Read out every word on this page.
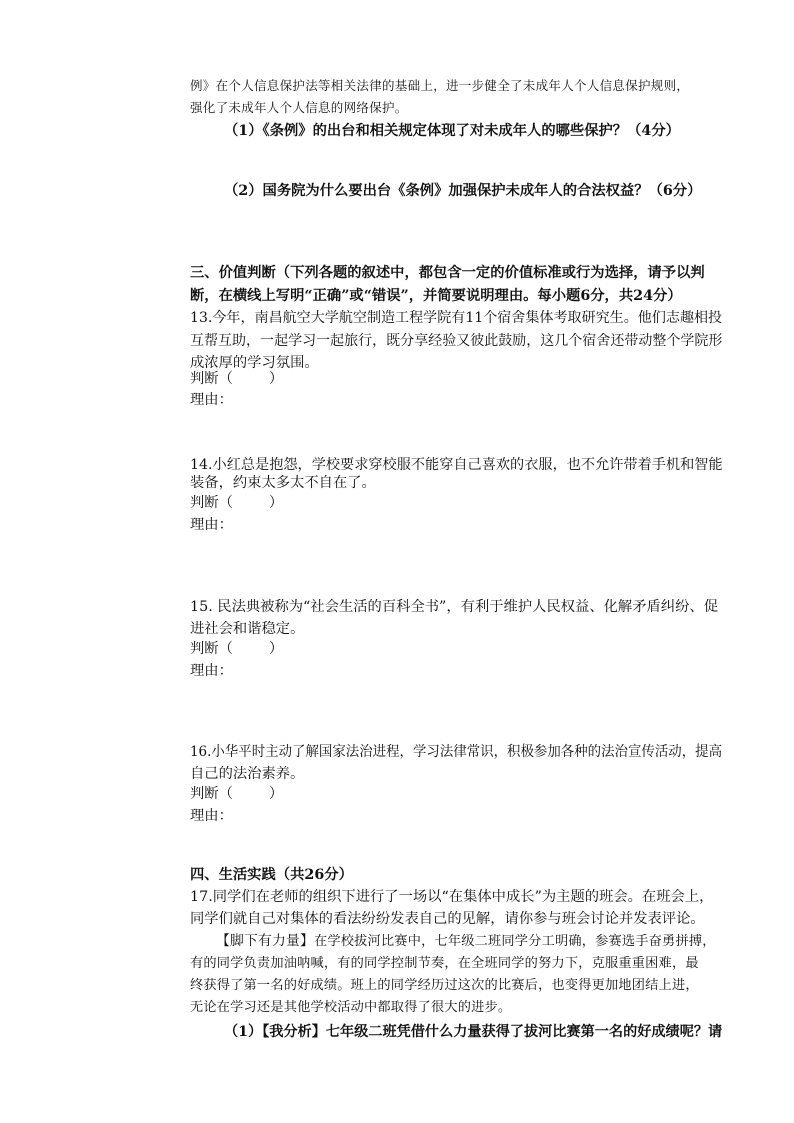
例》在个人信息保护法等相关法律的基础上，进一步健全了未成年人个人信息保护规则，
强化了未成年人个人信息的网络保护。
（1）《条例》的出台和相关规定体现了对未成年人的哪些保护？（4分）
（2）国务院为什么要出台《条例》加强保护未成年人的合法权益？（6分）
三、价值判断（下列各题的叙述中，都包含一定的价值标准或行为选择，请予以判
断，在横线上写明“正确”或“错误”，并简要说明理由。每小题6分，共24分）
13.今年，南昌航空大学航空制造工程学院有11个宿舍集体考取研究生。他们志趣相投
互帮互助，一起学习一起旅行，既分享经验又彼此鼓励，这几个宿舍还带动整个学院形
成浓厚的学习氛围。
判断（	）
理由：
14.小红总是抱怨，学校要求穿校服不能穿自己喜欢的衣服，也不允许带着手机和智能
装备，约束太多太不自在了。
判断（	）
理由：
15. 民法典被称为“社会生活的百科全书”，有利于维护人民权益、化解矛盾纠纷、促
进社会和谐稳定。
判断（	）
理由：
16.小华平时主动了解国家法治进程，学习法律常识，积极参加各种的法治宣传活动，提高
自己的法治素养。
判断（	）
理由：
四、生活实践（共26分）
17.同学们在老师的组织下进行了一场以“在集体中成长”为主题的班会。在班会上，
同学们就自己对集体的看法纷纷发表自己的见解，请你参与班会讨论并发表评论。
【脚下有力量】在学校拔河比赛中，七年级二班同学分工明确，参赛选手奋勇拼搏，
有的同学负责加油呐喊，有的同学控制节奏，在全班同学的努力下，克服重重困难，最
终获得了第一名的好成绩。班上的同学经历过这次的比赛后，也变得更加地团结上进，
无论在学习还是其他学校活动中都取得了很大的进步。
（1）【我分析】七年级二班凭借什么力量获得了拔河比赛第一名的好成绩呢？请
